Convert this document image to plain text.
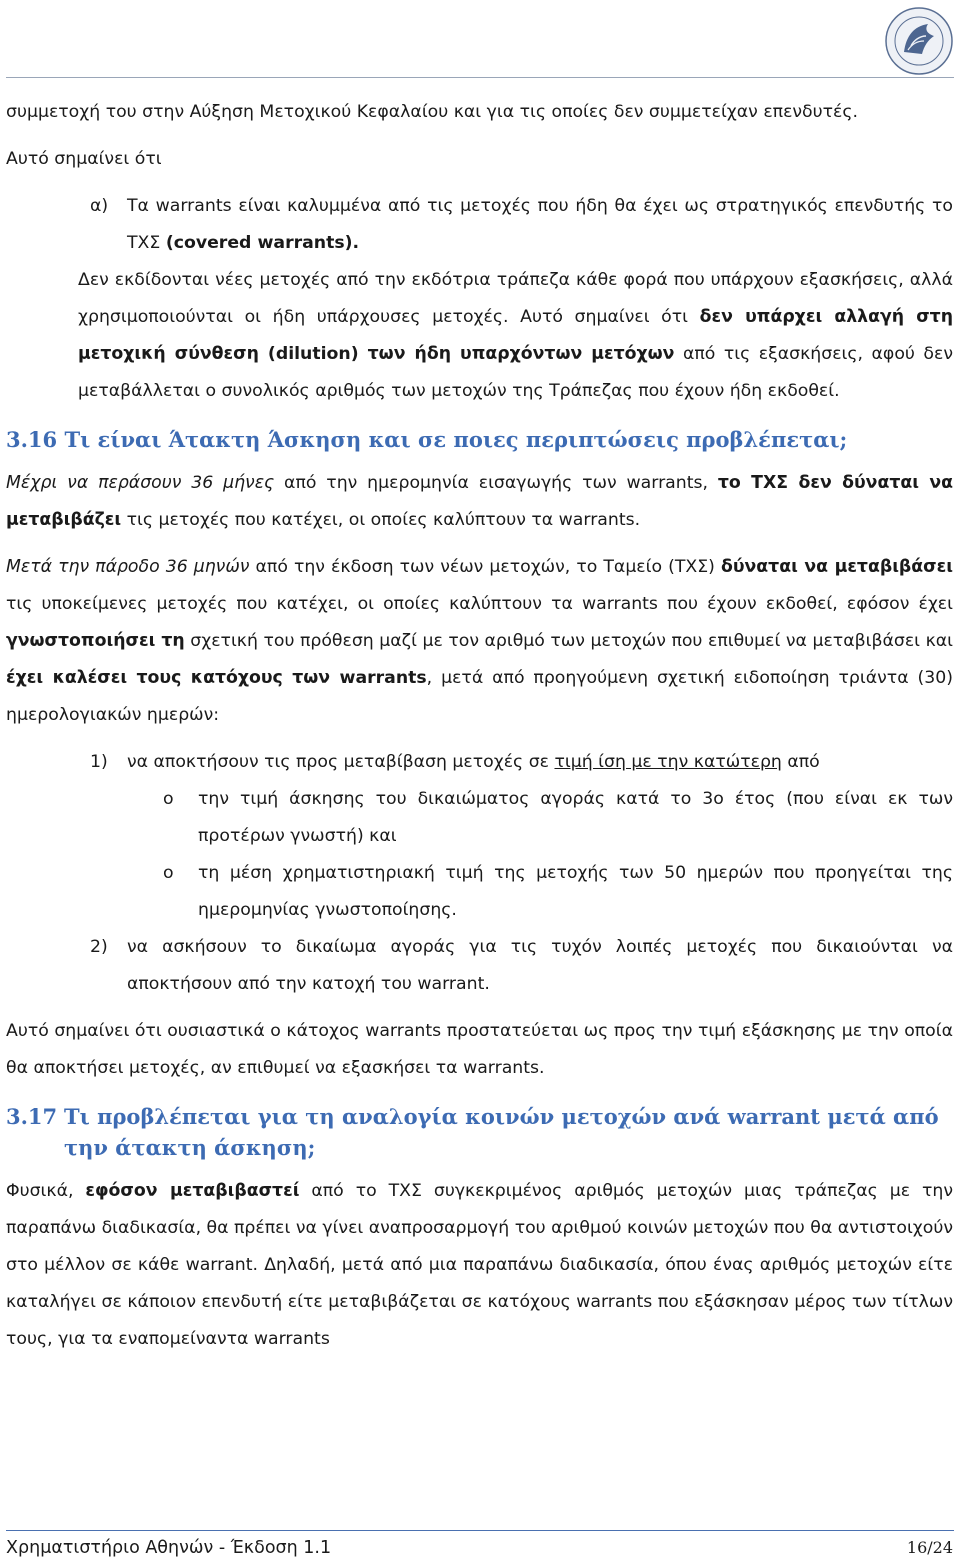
συμμετοχή του στην Αύξηση Μετοχικού Κεφαλαίου και για τις οποίες δεν συμμετείχαν επενδυτές.

Αυτό σημαίνει ότι

α) Τα warrants είναι καλυμμένα από τις μετοχές που ήδη θα έχει ως στρατηγικός επενδυτής το ΤΧΣ (covered warrants).

Δεν εκδίδονται νέες μετοχές από την εκδότρια τράπεζα κάθε φορά που υπάρχουν εξασκήσεις, αλλά χρησιμοποιούνται οι ήδη υπάρχουσες μετοχές. Αυτό σημαίνει ότι δεν υπάρχει αλλαγή στη μετοχική σύνθεση (dilution) των ήδη υπαρχόντων μετόχων από τις εξασκήσεις, αφού δεν μεταβάλλεται ο συνολικός αριθμός των μετοχών της Τράπεζας που έχουν ήδη εκδοθεί.

3.16 Τι είναι Άτακτη Άσκηση και σε ποιες περιπτώσεις προβλέπεται;

Μέχρι να περάσουν 36 μήνες από την ημερομηνία εισαγωγής των warrants, το ΤΧΣ δεν δύναται να μεταβιβάζει τις μετοχές που κατέχει, οι οποίες καλύπτουν τα warrants.

Μετά την πάροδο 36 μηνών από την έκδοση των νέων μετοχών, το Ταμείο (ΤΧΣ) δύναται να μεταβιβάσει τις υποκείμενες μετοχές που κατέχει, οι οποίες καλύπτουν τα warrants που έχουν εκδοθεί, εφόσον έχει γνωστοποιήσει τη σχετική του πρόθεση μαζί με τον αριθμό των μετοχών που επιθυμεί να μεταβιβάσει και έχει καλέσει τους κατόχους των warrants, μετά από προηγούμενη σχετική ειδοποίηση τριάντα (30) ημερολογιακών ημερών:

1) να αποκτήσουν τις προς μεταβίβαση μετοχές σε τιμή ίση με την κατώτερη από

o την τιμή άσκησης του δικαιώματος αγοράς κατά το 3ο έτος (που είναι εκ των προτέρων γνωστή) και

o τη μέση χρηματιστηριακή τιμή της μετοχής των 50 ημερών που προηγείται της ημερομηνίας γνωστοποίησης.

2) να ασκήσουν το δικαίωμα αγοράς για τις τυχόν λοιπές μετοχές που δικαιούνται να αποκτήσουν από την κατοχή του warrant.

Αυτό σημαίνει ότι ουσιαστικά ο κάτοχος warrants προστατεύεται ως προς την τιμή εξάσκησης με την οποία θα αποκτήσει μετοχές, αν επιθυμεί να εξασκήσει τα warrants.

3.17 Τι προβλέπεται για τη αναλογία κοινών μετοχών ανά warrant μετά από την άτακτη άσκηση;

Φυσικά, εφόσον μεταβιβαστεί από το ΤΧΣ συγκεκριμένος αριθμός μετοχών μιας τράπεζας με την παραπάνω διαδικασία, θα πρέπει να γίνει αναπροσαρμογή του αριθμού κοινών μετοχών που θα αντιστοιχούν στο μέλλον σε κάθε warrant. Δηλαδή, μετά από μια παραπάνω διαδικασία, όπου ένας αριθμός μετοχών είτε καταλήγει σε κάποιον επενδυτή είτε μεταβιβάζεται σε κατόχους warrants που εξάσκησαν μέρος των τίτλων τους, για τα εναπομείναντα warrants

Χρηματιστήριο Αθηνών - Έκδοση 1.1	16/24
